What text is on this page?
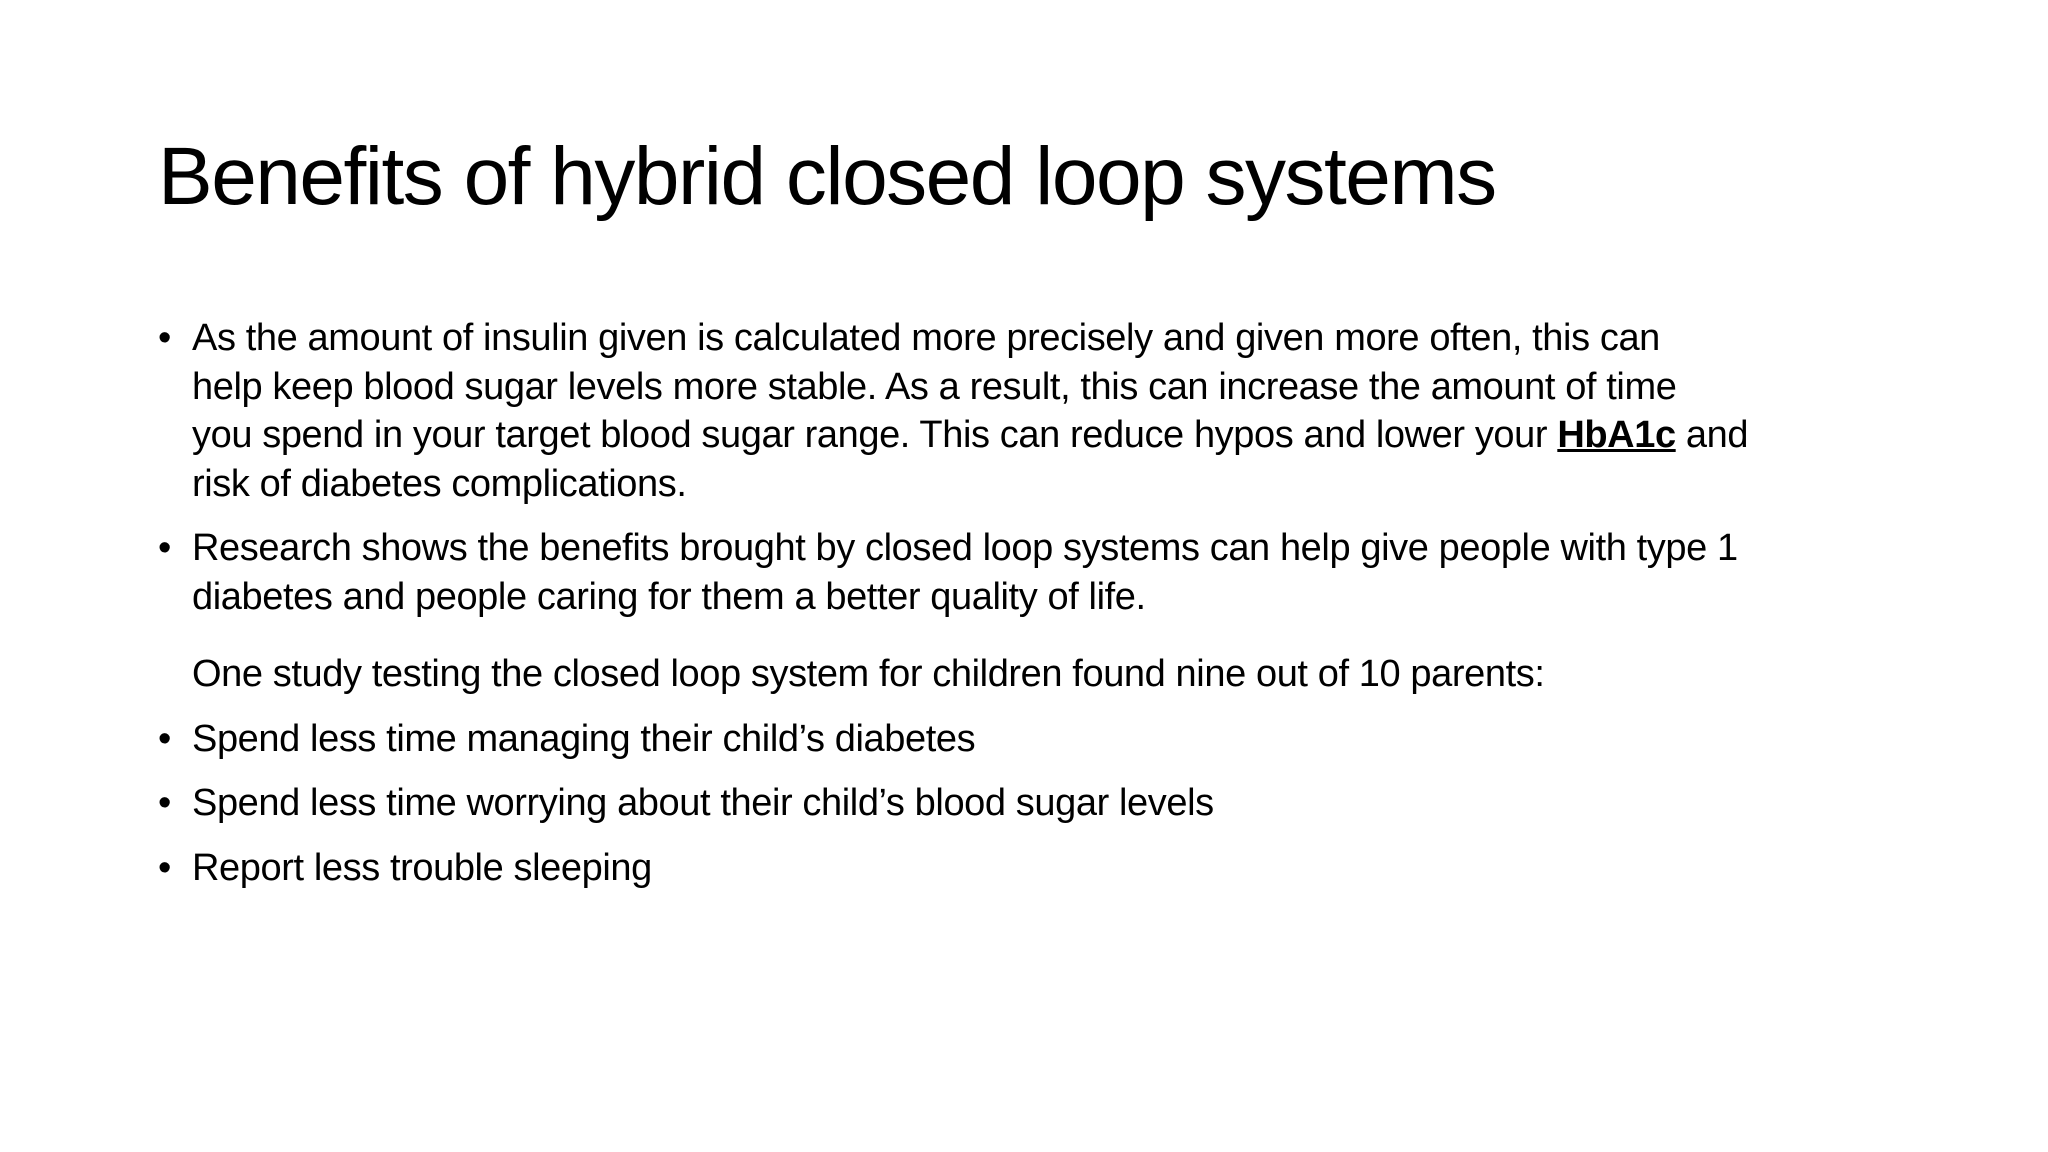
Benefits of hybrid closed loop systems
• As the amount of insulin given is calculated more precisely and given more often, this can
help keep blood sugar levels more stable. As a result, this can increase the amount of time
you spend in your target blood sugar range. This can reduce hypos and lower your HbA1c and
risk of diabetes complications.
• Research shows the benefits brought by closed loop systems can help give people with type 1
diabetes and people caring for them a better quality of life.
One study testing the closed loop system for children found nine out of 10 parents:
• Spend less time managing their child’s diabetes
• Spend less time worrying about their child’s blood sugar levels
• Report less trouble sleeping
